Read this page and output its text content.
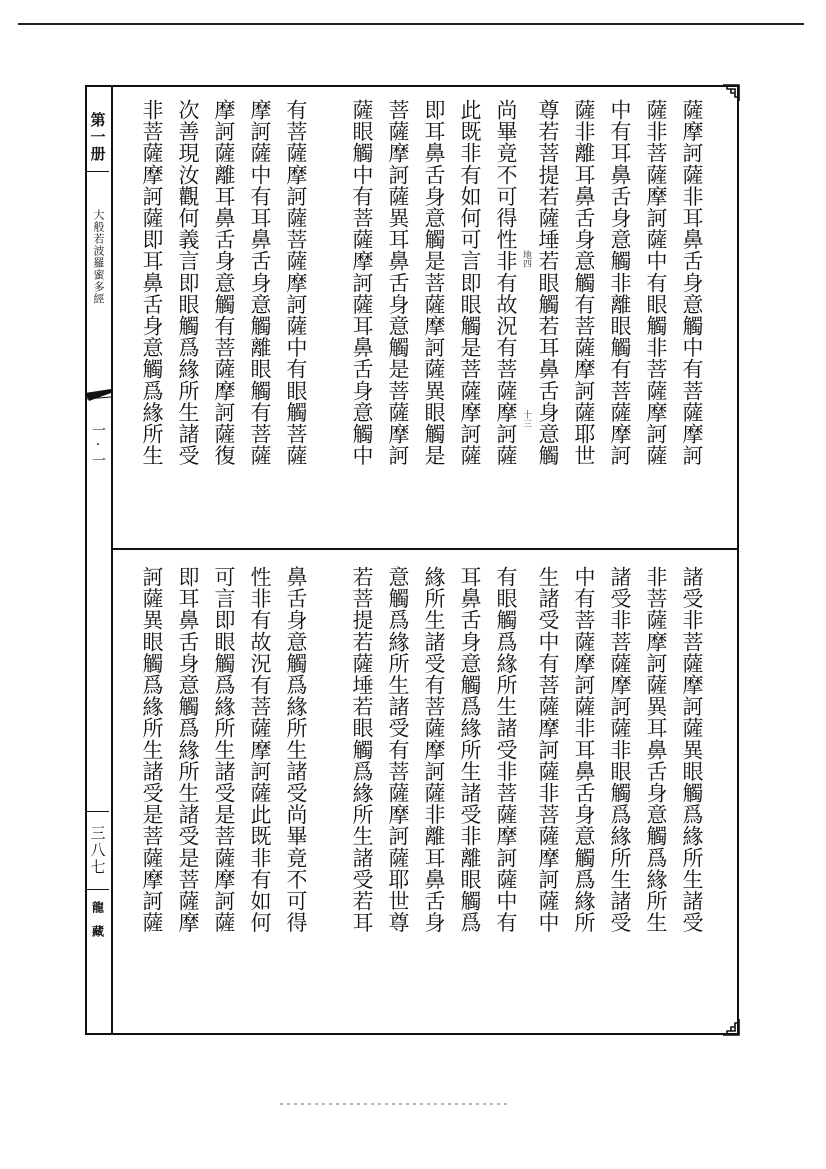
第一册
大般若波羅蜜多經
一·一
三八七
龍藏
地四
十三	薩摩訶薩非耳鼻舌身意觸中有菩薩摩訶
薩非菩薩摩訶薩中有眼觸非菩薩摩訶薩
中有耳鼻舌身意觸非離眼觸有菩薩摩訶
薩非離耳鼻舌身意觸有菩薩摩訶薩耶世
尊若菩提若薩埵若眼觸若耳鼻舌身意觸
尚畢竟不可得性非有故況有菩薩摩訶薩
此既非有如何可言即眼觸是菩薩摩訶薩
即耳鼻舌身意觸是菩薩摩訶薩異眼觸是
菩薩摩訶薩異耳鼻舌身意觸是菩薩摩訶
薩眼觸中有菩薩摩訶薩耳鼻舌身意觸中
有菩薩摩訶薩菩薩摩訶薩中有眼觸菩薩
摩訶薩中有耳鼻舌身意觸離眼觸有菩薩
摩訶薩離耳鼻舌身意觸有菩薩摩訶薩復
次善現汝觀何義言即眼觸爲緣所生諸受
非菩薩摩訶薩即耳鼻舌身意觸爲緣所生
諸受非菩薩摩訶薩異眼觸爲緣所生諸受
非菩薩摩訶薩異耳鼻舌身意觸爲緣所生
諸受非菩薩摩訶薩非眼觸爲緣所生諸受
中有菩薩摩訶薩非耳鼻舌身意觸爲緣所
生諸受中有菩薩摩訶薩非菩薩摩訶薩中
有眼觸爲緣所生諸受非菩薩摩訶薩中有
耳鼻舌身意觸爲緣所生諸受非離眼觸爲
緣所生諸受有菩薩摩訶薩非離耳鼻舌身
意觸爲緣所生諸受有菩薩摩訶薩耶世尊
若菩提若薩埵若眼觸爲緣所生諸受若耳
鼻舌身意觸爲緣所生諸受尚畢竟不可得
性非有故況有菩薩摩訶薩此既非有如何
可言即眼觸爲緣所生諸受是菩薩摩訶薩
即耳鼻舌身意觸爲緣所生諸受是菩薩摩
訶薩異眼觸爲緣所生諸受是菩薩摩訶薩
